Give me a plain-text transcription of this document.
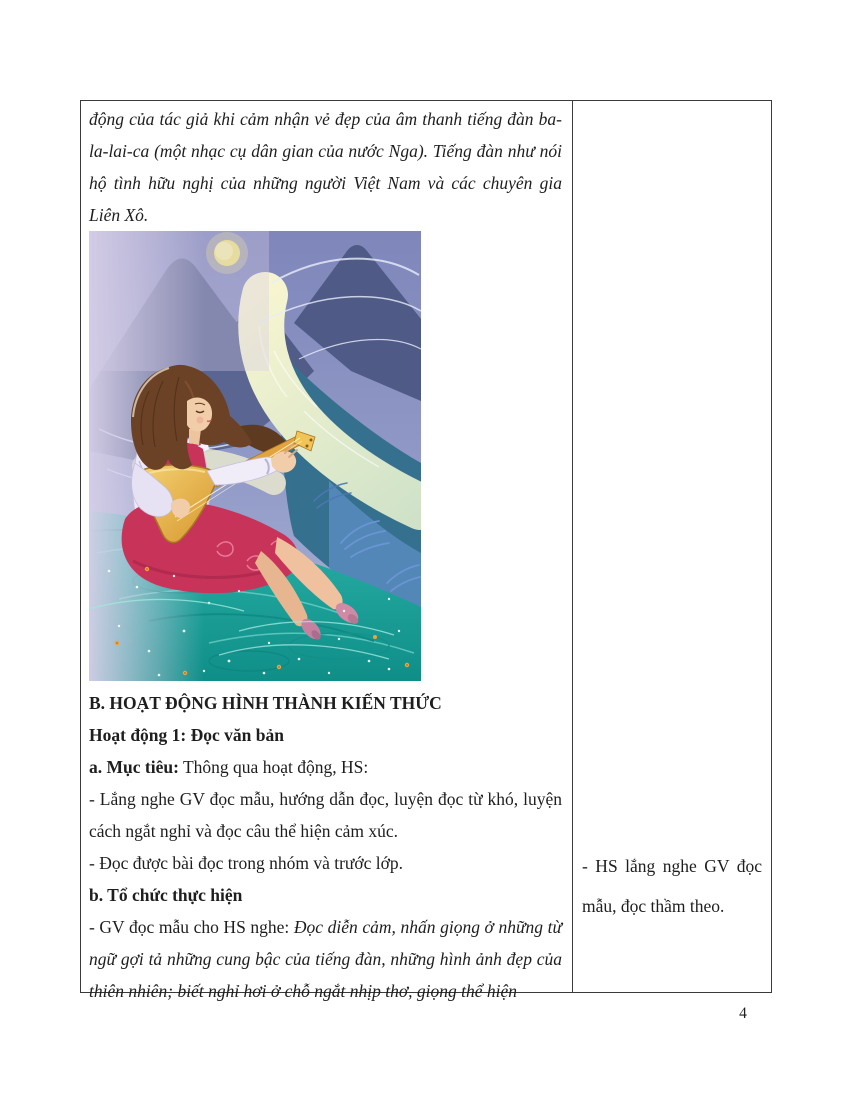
động của tác giả khi cảm nhận vẻ đẹp của âm thanh tiếng đàn ba-la-lai-ca (một nhạc cụ dân gian của nước Nga). Tiếng đàn như nói hộ tình hữu nghị của những người Việt Nam và các chuyên gia Liên Xô.

B. HOẠT ĐỘNG HÌNH THÀNH KIẾN THỨC

Hoạt động 1: Đọc văn bản

a. Mục tiêu: Thông qua hoạt động, HS:

- Lắng nghe GV đọc mẫu, hướng dẫn đọc, luyện đọc từ khó, luyện cách ngắt nghỉ và đọc câu thể hiện cảm xúc.

- Đọc được bài đọc trong nhóm và trước lớp.

b. Tổ chức thực hiện

- GV đọc mẫu cho HS nghe: Đọc diễn cảm, nhấn giọng ở những từ ngữ gợi tả những cung bậc của tiếng đàn, những hình ảnh đẹp của thiên nhiên; biết nghỉ hơi ở chỗ ngắt nhịp thơ, giọng thể hiện

- HS lắng nghe GV đọc mẫu, đọc thầm theo.

4
